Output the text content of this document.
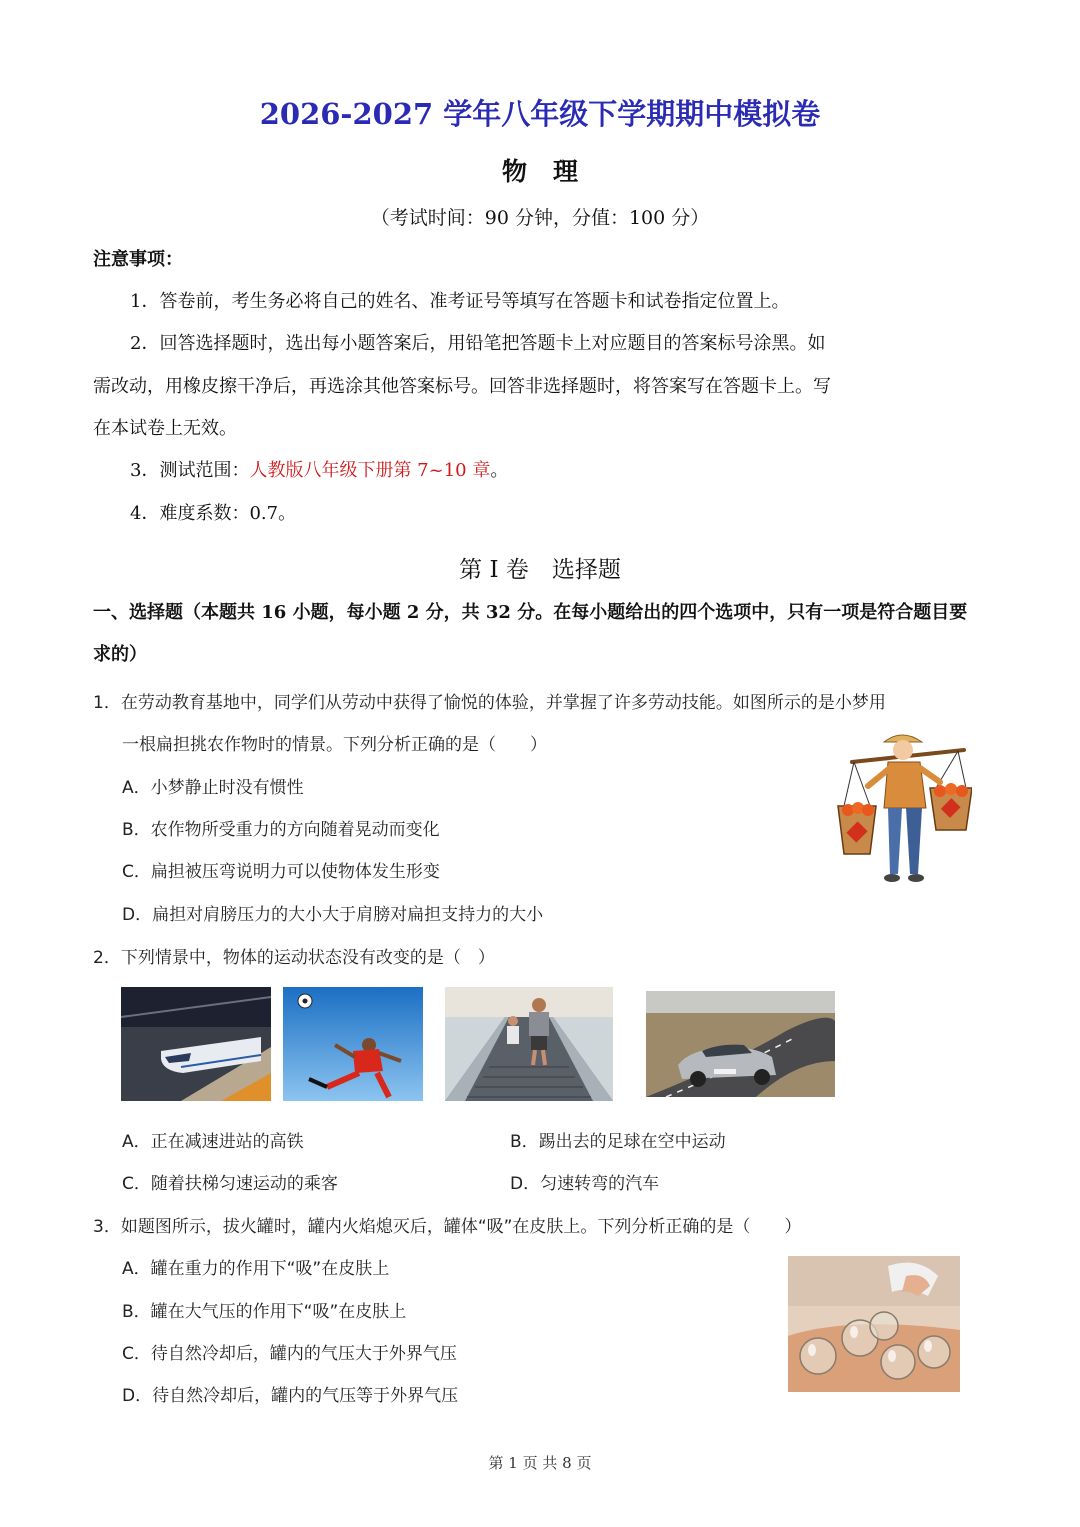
2026-2027 学年八年级下学期期中模拟卷
物理
（考试时间：90 分钟，分值：100 分）
注意事项：
1．答卷前，考生务必将自己的姓名、准考证号等填写在答题卡和试卷指定位置上。
2．回答选择题时，选出每小题答案后，用铅笔把答题卡上对应题目的答案标号涂黑。如
需改动，用橡皮擦干净后，再选涂其他答案标号。回答非选择题时，将答案写在答题卡上。写
在本试卷上无效。
3．测试范围：人教版八年级下册第 7~10 章。
4．难度系数：0.7。
第 I 卷　选择题
一、选择题（本题共 16 小题，每小题 2 分，共 32 分。在每小题给出的四个选项中，只有一项是符合题目要
求的）
1．在劳动教育基地中，同学们从劳动中获得了愉悦的体验，并掌握了许多劳动技能。如图所示的是小梦用
一根扁担挑农作物时的情景。下列分析正确的是（　　）
A．小梦静止时没有惯性
B．农作物所受重力的方向随着晃动而变化
C．扁担被压弯说明力可以使物体发生形变
D．扁担对肩膀压力的大小大于肩膀对扁担支持力的大小
2．下列情景中，物体的运动状态没有改变的是（　）
A．正在减速进站的高铁	B．踢出去的足球在空中运动
C．随着扶梯匀速运动的乘客	D．匀速转弯的汽车
3．如题图所示，拔火罐时，罐内火焰熄灭后，罐体“吸”在皮肤上。下列分析正确的是（　　）
A．罐在重力的作用下“吸”在皮肤上
B．罐在大气压的作用下“吸”在皮肤上
C．待自然冷却后，罐内的气压大于外界气压
D．待自然冷却后，罐内的气压等于外界气压
第 1 页 共 8 页
